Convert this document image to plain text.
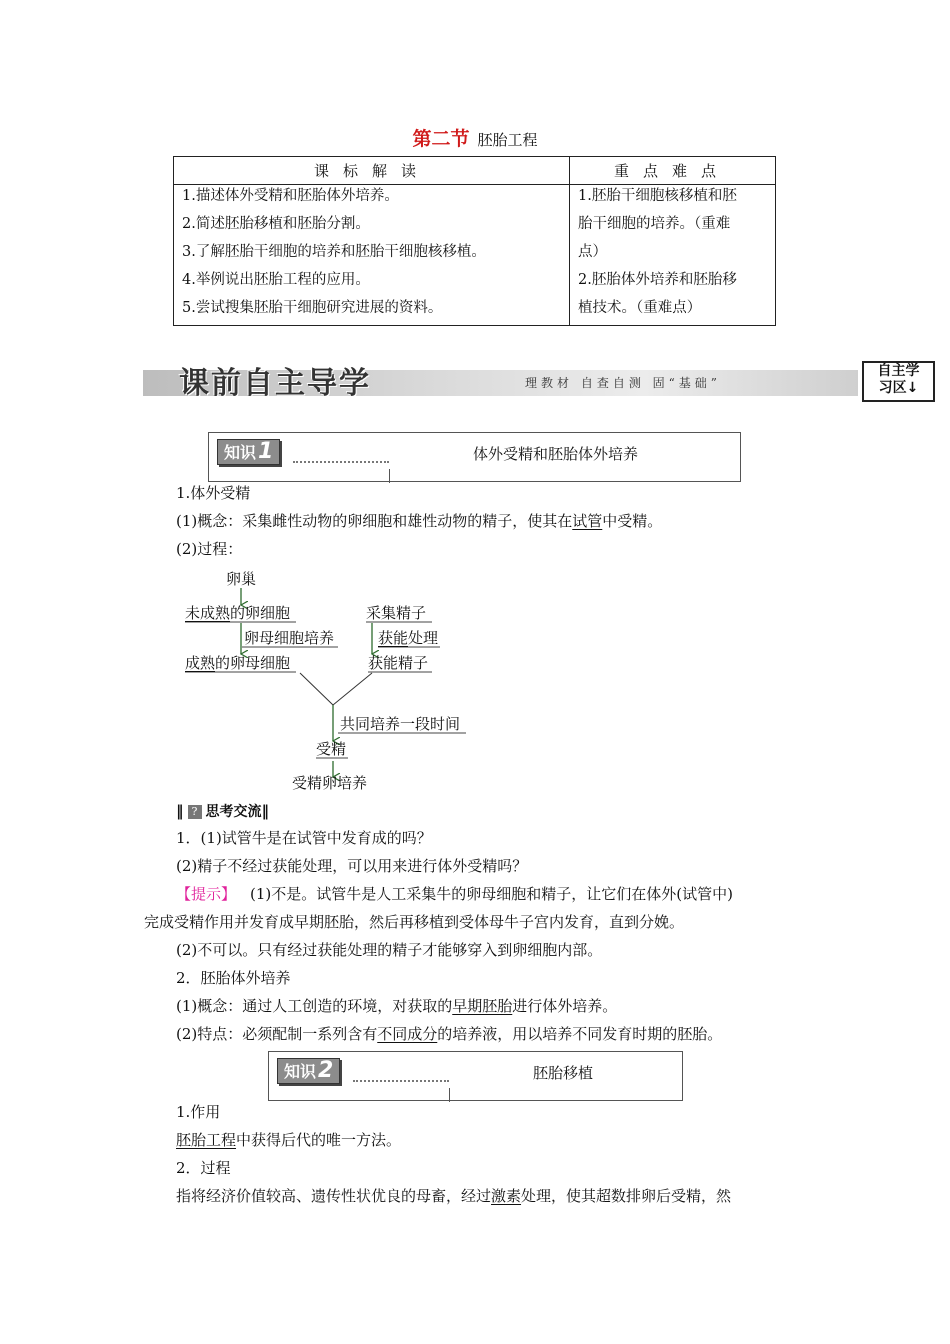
第二节 胚胎工程
课标解读	重点难点
1.描述体外受精和胚胎体外培养。
2.简述胚胎移植和胚胎分割。
3.了解胚胎干细胞的培养和胚胎干细胞核移植。
4.举例说出胚胎工程的应用。
5.尝试搜集胚胎干细胞研究进展的资料。
1.胚胎干细胞核移植和胚
胎干细胞的培养。（重难
点）
2.胚胎体外培养和胚胎移
植技术。（重难点）
课前自主导学	理教材 自查自测 固“基础”
自主学
习区↓
知识1	体外受精和胚胎体外培养
1.体外受精
(1)概念：采集雌性动物的卵细胞和雄性动物的精子，使其在试管中受精。
(2)过程：
卵巢
未成熟的卵细胞
卵母细胞培养
成熟的卵母细胞
采集精子
获能处理
获能精子
共同培养一段时间
受精
受精卵培养
‖ ? 思考交流‖
1．(1)试管牛是在试管中发育成的吗？
(2)精子不经过获能处理，可以用来进行体外受精吗？
【提示】 (1)不是。试管牛是人工采集牛的卵母细胞和精子，让它们在体外(试管中)
完成受精作用并发育成早期胚胎，然后再移植到受体母牛子宫内发育，直到分娩。
(2)不可以。只有经过获能处理的精子才能够穿入到卵细胞内部。
2．胚胎体外培养
(1)概念：通过人工创造的环境，对获取的早期胚胎进行体外培养。
(2)特点：必须配制一系列含有不同成分的培养液，用以培养不同发育时期的胚胎。
知识2	胚胎移植
1.作用
胚胎工程中获得后代的唯一方法。
2．过程
指将经济价值较高、遗传性状优良的母畜，经过激素处理，使其超数排卵后受精，然
